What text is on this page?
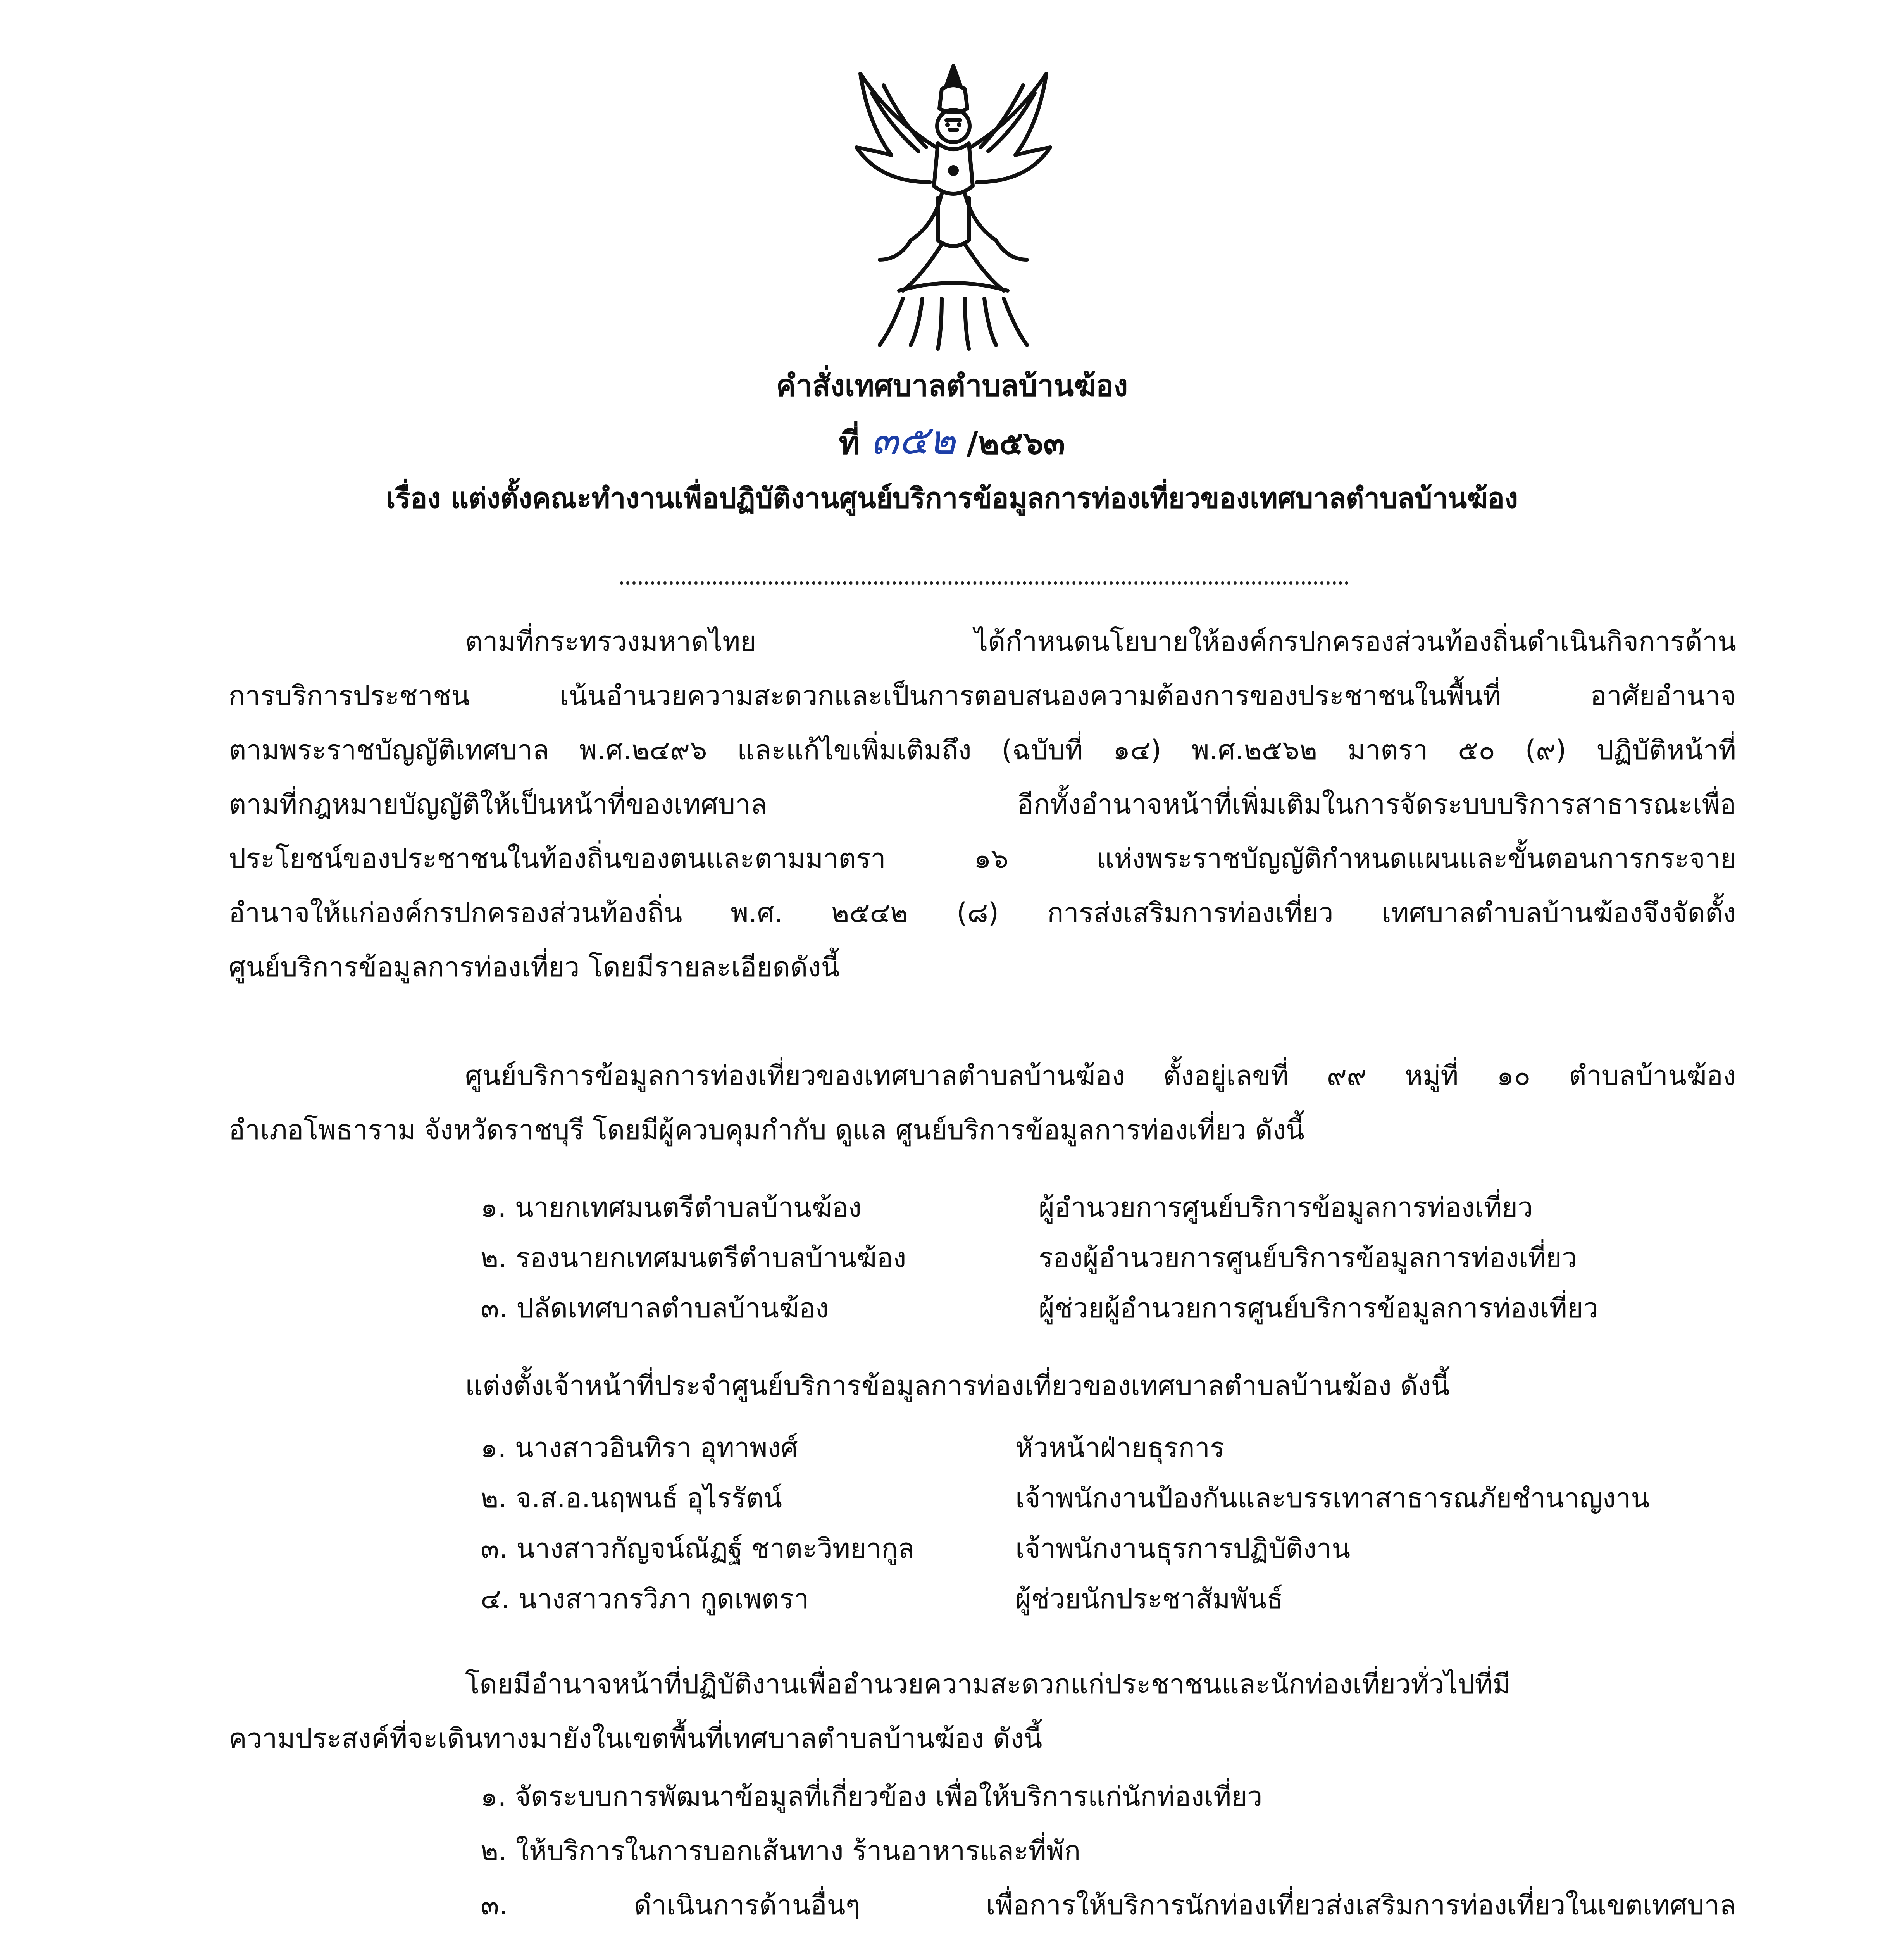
คำสั่งเทศบาลตำบลบ้านฆ้อง
ที่ ๓๕๒ /๒๕๖๓
เรื่อง แต่งตั้งคณะทำงานเพื่อปฏิบัติงานศูนย์บริการข้อมูลการท่องเที่ยวของเทศบาลตำบลบ้านฆ้อง
ตามที่กระทรวงมหาดไทย ได้กำหนดนโยบายให้องค์กรปกครองส่วนท้องถิ่นดำเนินกิจการด้าน
การบริการประชาชน เน้นอำนวยความสะดวกและเป็นการตอบสนองความต้องการของประชาชนในพื้นที่ อาศัยอำนาจ
ตามพระราชบัญญัติเทศบาล พ.ศ.๒๔๙๖ และแก้ไขเพิ่มเติมถึง (ฉบับที่ ๑๔) พ.ศ.๒๕๖๒ มาตรา ๕๐ (๙) ปฏิบัติหน้าที่
ตามที่กฎหมายบัญญัติให้เป็นหน้าที่ของเทศบาล อีกทั้งอำนาจหน้าที่เพิ่มเติมในการจัดระบบบริการสาธารณะเพื่อ
ประโยชน์ของประชาชนในท้องถิ่นของตนและตามมาตรา ๑๖ แห่งพระราชบัญญัติกำหนดแผนและขั้นตอนการกระจาย
อำนาจให้แก่องค์กรปกครองส่วนท้องถิ่น พ.ศ. ๒๕๔๒ (๘) การส่งเสริมการท่องเที่ยว เทศบาลตำบลบ้านฆ้องจึงจัดตั้ง
ศูนย์บริการข้อมูลการท่องเที่ยว โดยมีรายละเอียดดังนี้
ศูนย์บริการข้อมูลการท่องเที่ยวของเทศบาลตำบลบ้านฆ้อง ตั้งอยู่เลขที่ ๙๙ หมู่ที่ ๑๐ ตำบลบ้านฆ้อง
อำเภอโพธาราม จังหวัดราชบุรี โดยมีผู้ควบคุมกำกับ ดูแล ศูนย์บริการข้อมูลการท่องเที่ยว ดังนี้
๑. นายกเทศมนตรีตำบลบ้านฆ้อง	ผู้อำนวยการศูนย์บริการข้อมูลการท่องเที่ยว
๒. รองนายกเทศมนตรีตำบลบ้านฆ้อง	รองผู้อำนวยการศูนย์บริการข้อมูลการท่องเที่ยว
๓. ปลัดเทศบาลตำบลบ้านฆ้อง	ผู้ช่วยผู้อำนวยการศูนย์บริการข้อมูลการท่องเที่ยว
แต่งตั้งเจ้าหน้าที่ประจำศูนย์บริการข้อมูลการท่องเที่ยวของเทศบาลตำบลบ้านฆ้อง ดังนี้
๑. นางสาวอินทิรา อุทาพงศ์	หัวหน้าฝ่ายธุรการ
๒. จ.ส.อ.นฤพนธ์ อุไรรัตน์	เจ้าพนักงานป้องกันและบรรเทาสาธารณภัยชำนาญงาน
๓. นางสาวกัญจน์ณัฏฐ์ ชาตะวิทยากูล	เจ้าพนักงานธุรการปฏิบัติงาน
๔. นางสาวกรวิภา กูดเพตรา	ผู้ช่วยนักประชาสัมพันธ์
โดยมีอำนาจหน้าที่ปฏิบัติงานเพื่ออำนวยความสะดวกแก่ประชาชนและนักท่องเที่ยวทั่วไปที่มี
ความประสงค์ที่จะเดินทางมายังในเขตพื้นที่เทศบาลตำบลบ้านฆ้อง ดังนี้
๑. จัดระบบการพัฒนาข้อมูลที่เกี่ยวข้อง เพื่อให้บริการแก่นักท่องเที่ยว
๒. ให้บริการในการบอกเส้นทาง ร้านอาหารและที่พัก
๓. ดำเนินการด้านอื่นๆ เพื่อการให้บริการนักท่องเที่ยวส่งเสริมการท่องเที่ยวในเขตเทศบาล
